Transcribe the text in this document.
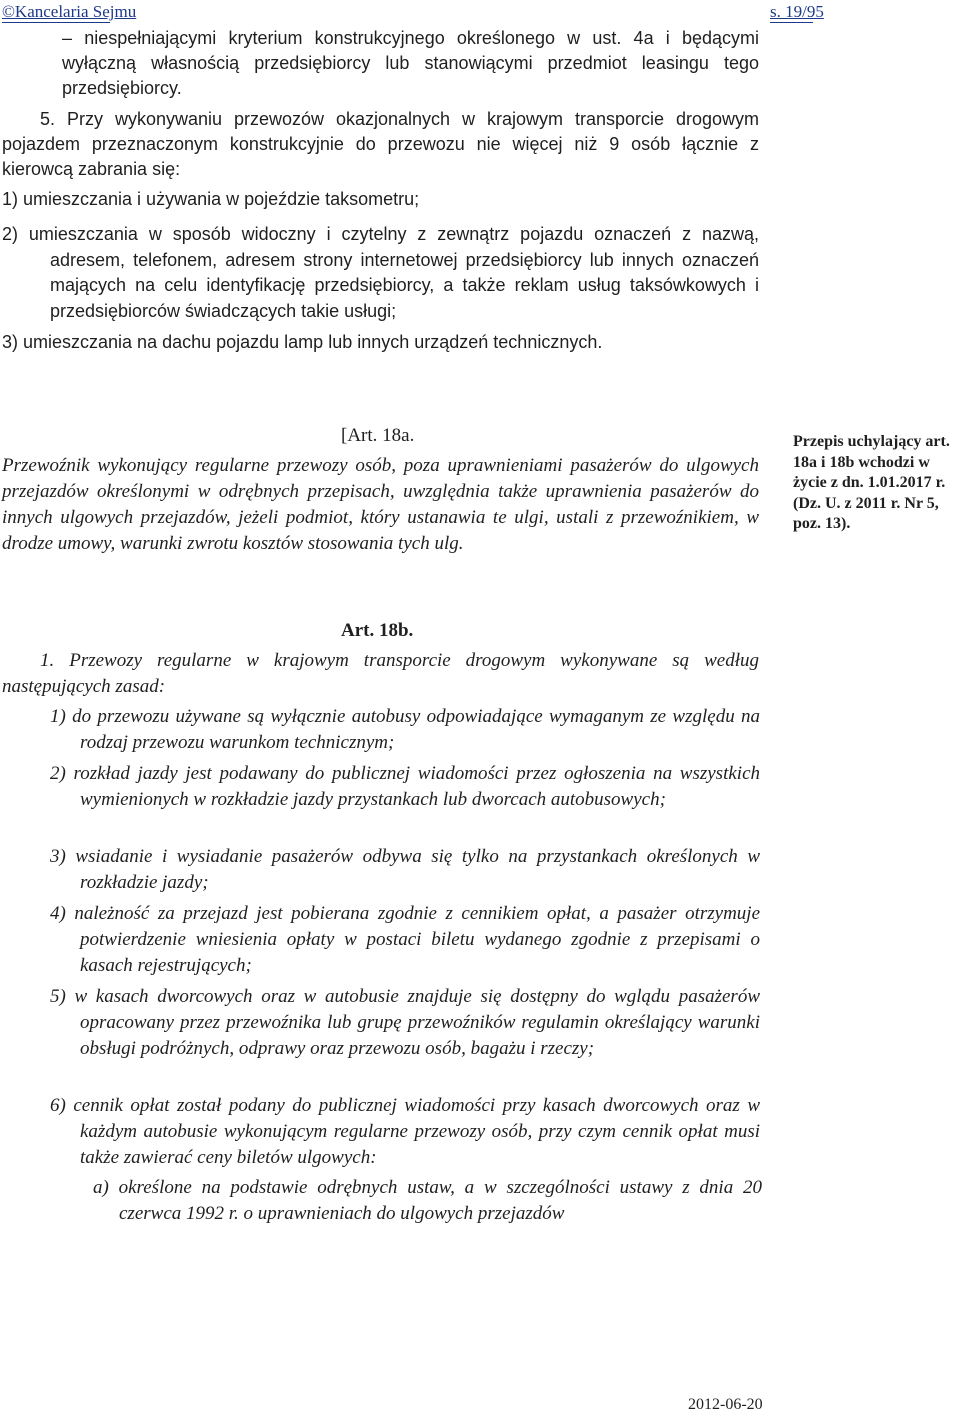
©Kancelaria Sejmu	s. 19/95

– niespełniającymi kryterium konstrukcyjnego określonego w ust. 4a i będącymi wyłączną własnością przedsiębiorcy lub stanowiącymi przedmiot leasingu tego przedsiębiorcy.

5. Przy wykonywaniu przewozów okazjonalnych w krajowym transporcie drogowym pojazdem przeznaczonym konstrukcyjnie do przewozu nie więcej niż 9 osób łącznie z kierowcą zabrania się:

1) umieszczania i używania w pojeździe taksometru;

2) umieszczania w sposób widoczny i czytelny z zewnątrz pojazdu oznaczeń z nazwą, adresem, telefonem, adresem strony internetowej przedsiębiorcy lub innych oznaczeń mających na celu identyfikację przedsiębiorcy, a także reklam usług taksówkowych i przedsiębiorców świadczących takie usługi;

3) umieszczania na dachu pojazdu lamp lub innych urządzeń technicznych.

[Art. 18a.

Przewoźnik wykonujący regularne przewozy osób, poza uprawnieniami pasażerów do ulgowych przejazdów określonymi w odrębnych przepisach, uwzględnia także uprawnienia pasażerów do innych ulgowych przejazdów, jeżeli podmiot, który ustanawia te ulgi, ustali z przewoźnikiem, w drodze umowy, warunki zwrotu kosztów stosowania tych ulg.

Przepis uchylający art. 18a i 18b wchodzi w życie z dn. 1.01.2017 r. (Dz. U. z 2011 r. Nr 5, poz. 13).
Art. 18b.

1. Przewozy regularne w krajowym transporcie drogowym wykonywane są według następujących zasad:

1) do przewozu używane są wyłącznie autobusy odpowiadające wymaganym ze względu na rodzaj przewozu warunkom technicznym;

2) rozkład jazdy jest podawany do publicznej wiadomości przez ogłoszenia na wszystkich wymienionych w rozkładzie jazdy przystankach lub dworcach autobusowych;

3) wsiadanie i wysiadanie pasażerów odbywa się tylko na przystankach określonych w rozkładzie jazdy;

4) należność za przejazd jest pobierana zgodnie z cennikiem opłat, a pasażer otrzymuje potwierdzenie wniesienia opłaty w postaci biletu wydanego zgodnie z przepisami o kasach rejestrujących;

5) w kasach dworcowych oraz w autobusie znajduje się dostępny do wglądu pasażerów opracowany przez przewoźnika lub grupę przewoźników regulamin określający warunki obsługi podróżnych, odprawy oraz przewozu osób, bagażu i rzeczy;

6) cennik opłat został podany do publicznej wiadomości przy kasach dworcowych oraz w każdym autobusie wykonującym regularne przewozy osób, przy czym cennik opłat musi także zawierać ceny biletów ulgowych:

a) określone na podstawie odrębnych ustaw, a w szczególności ustawy z dnia 20 czerwca 1992 r. o uprawnieniach do ulgowych przejazdów

2012-06-20
